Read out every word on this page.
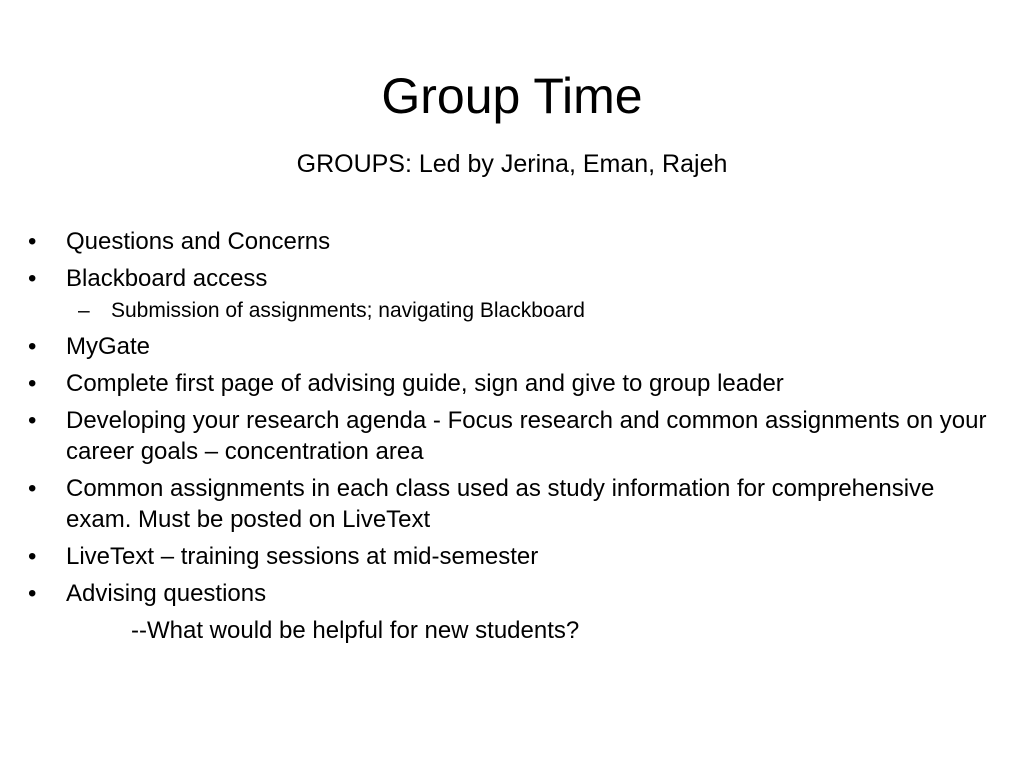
Group Time
GROUPS: Led by Jerina, Eman, Rajeh
• Questions and Concerns
• Blackboard access
– Submission of assignments; navigating Blackboard
• MyGate
• Complete first page of advising guide, sign and give to group leader
• Developing your research agenda - Focus research and common assignments on your career goals – concentration area
• Common assignments in each class used as study information for comprehensive exam. Must be posted on LiveText
• LiveText – training sessions at mid-semester
• Advising questions
--What would be helpful for new students?
